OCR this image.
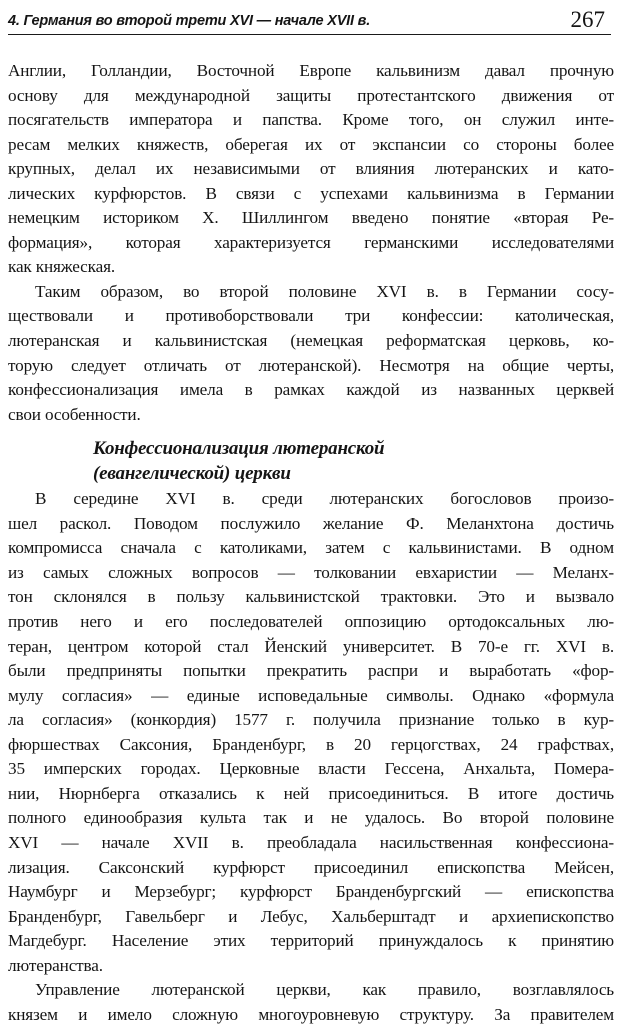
4. Германия во второй трети XVI — начале XVII в.	267
Англии, Голландии, Восточной Европе кальвинизм давал прочную
основу для международной защиты протестантского движения от
посягательств императора и папства. Кроме того, он служил инте-
ресам мелких княжеств, оберегая их от экспансии со стороны более
крупных, делал их независимыми от влияния лютеранских и като-
лических курфюрстов. В связи с успехами кальвинизма в Германии
немецким историком Х. Шиллингом введено понятие «вторая Ре-
формация», которая характеризуется германскими исследователями
как княжеская.
Таким образом, во второй половине XVI в. в Германии сосу-
ществовали и противоборствовали три конфессии: католическая,
лютеранская и кальвинистская (немецкая реформатская церковь, ко-
торую следует отличать от лютеранской). Несмотря на общие черты,
конфессионализация имела в рамках каждой из названных церквей
свои особенности.
Конфессионализация лютеранской
(евангелической) церкви
В середине XVI в. среди лютеранских богословов произо-
шел раскол. Поводом послужило желание Ф. Меланхтона достичь
компромисса сначала с католиками, затем с кальвинистами. В одном
из самых сложных вопросов — толковании евхаристии — Меланх-
тон склонялся в пользу кальвинистской трактовки. Это и вызвало
против него и его последователей оппозицию ортодоксальных лю-
теран, центром которой стал Йенский университет. В 70-е гг. XVI в.
были предприняты попытки прекратить распри и выработать «фор-
мулу согласия» — единые исповедальные символы. Однако «формула
ла согласия» (конкордия) 1577 г. получила признание только в кур-
фюршествах Саксония, Бранденбург, в 20 герцогствах, 24 графствах,
35 имперских городах. Церковные власти Гессена, Анхальта, Помера-
нии, Нюрнберга отказались к ней присоединиться. В итоге достичь
полного единообразия культа так и не удалось. Во второй половине
XVI — начале XVII в. преобладала насильственная конфессиона-
лизация. Саксонский курфюрст присоединил епископства Мейсен,
Наумбург и Мерзебург; курфюрст Бранденбургский — епископства
Бранденбург, Гавельберг и Лебус, Хальберштадт и архиепископство
Магдебург. Население этих территорий принуждалось к принятию
лютеранства.
Управление лютеранской церкви, как правило, возглавлялось
князем и имело сложную многоуровневую структуру. За правителем
